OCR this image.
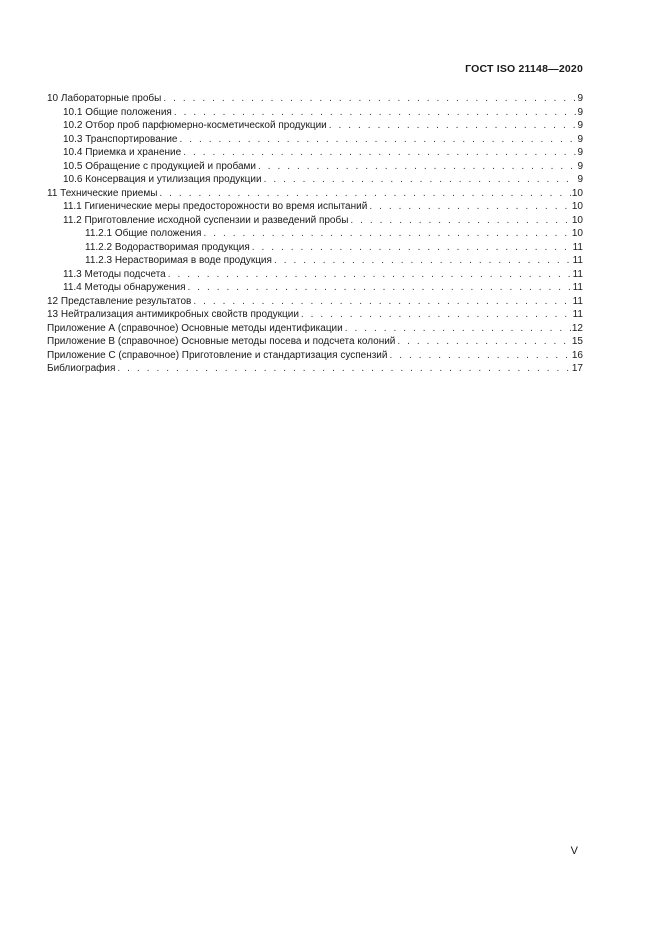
ГОСТ ISO 21148—2020
10 Лабораторные пробы . . .	9
10.1 Общие положения . . .	9
10.2 Отбор проб парфюмерно-косметической продукции . . .	9
10.3 Транспортирование . . .	9
10.4 Приемка и хранение . . .	9
10.5 Обращение с продукцией и пробами . . .	9
10.6 Консервация и утилизация продукции . . .	9
11 Технические приемы . . .	10
11.1 Гигиенические меры предосторожности во время испытаний . . .	10
11.2 Приготовление исходной суспензии и разведений пробы . . .	10
11.2.1 Общие положения . . .	10
11.2.2 Водорастворимая продукция . . .	11
11.2.3 Нерастворимая в воде продукция . . .	11
11.3 Методы подсчета . . .	11
11.4 Методы обнаружения . . .	11
12 Представление результатов . . .	11
13 Нейтрализация антимикробных свойств продукции . . .	11
Приложение А (справочное) Основные методы идентификации . . .	12
Приложение В (справочное) Основные методы посева и подсчета колоний . . .	15
Приложение С (справочное) Приготовление и стандартизация суспензий . . .	16
Библиография . . .	17
V
